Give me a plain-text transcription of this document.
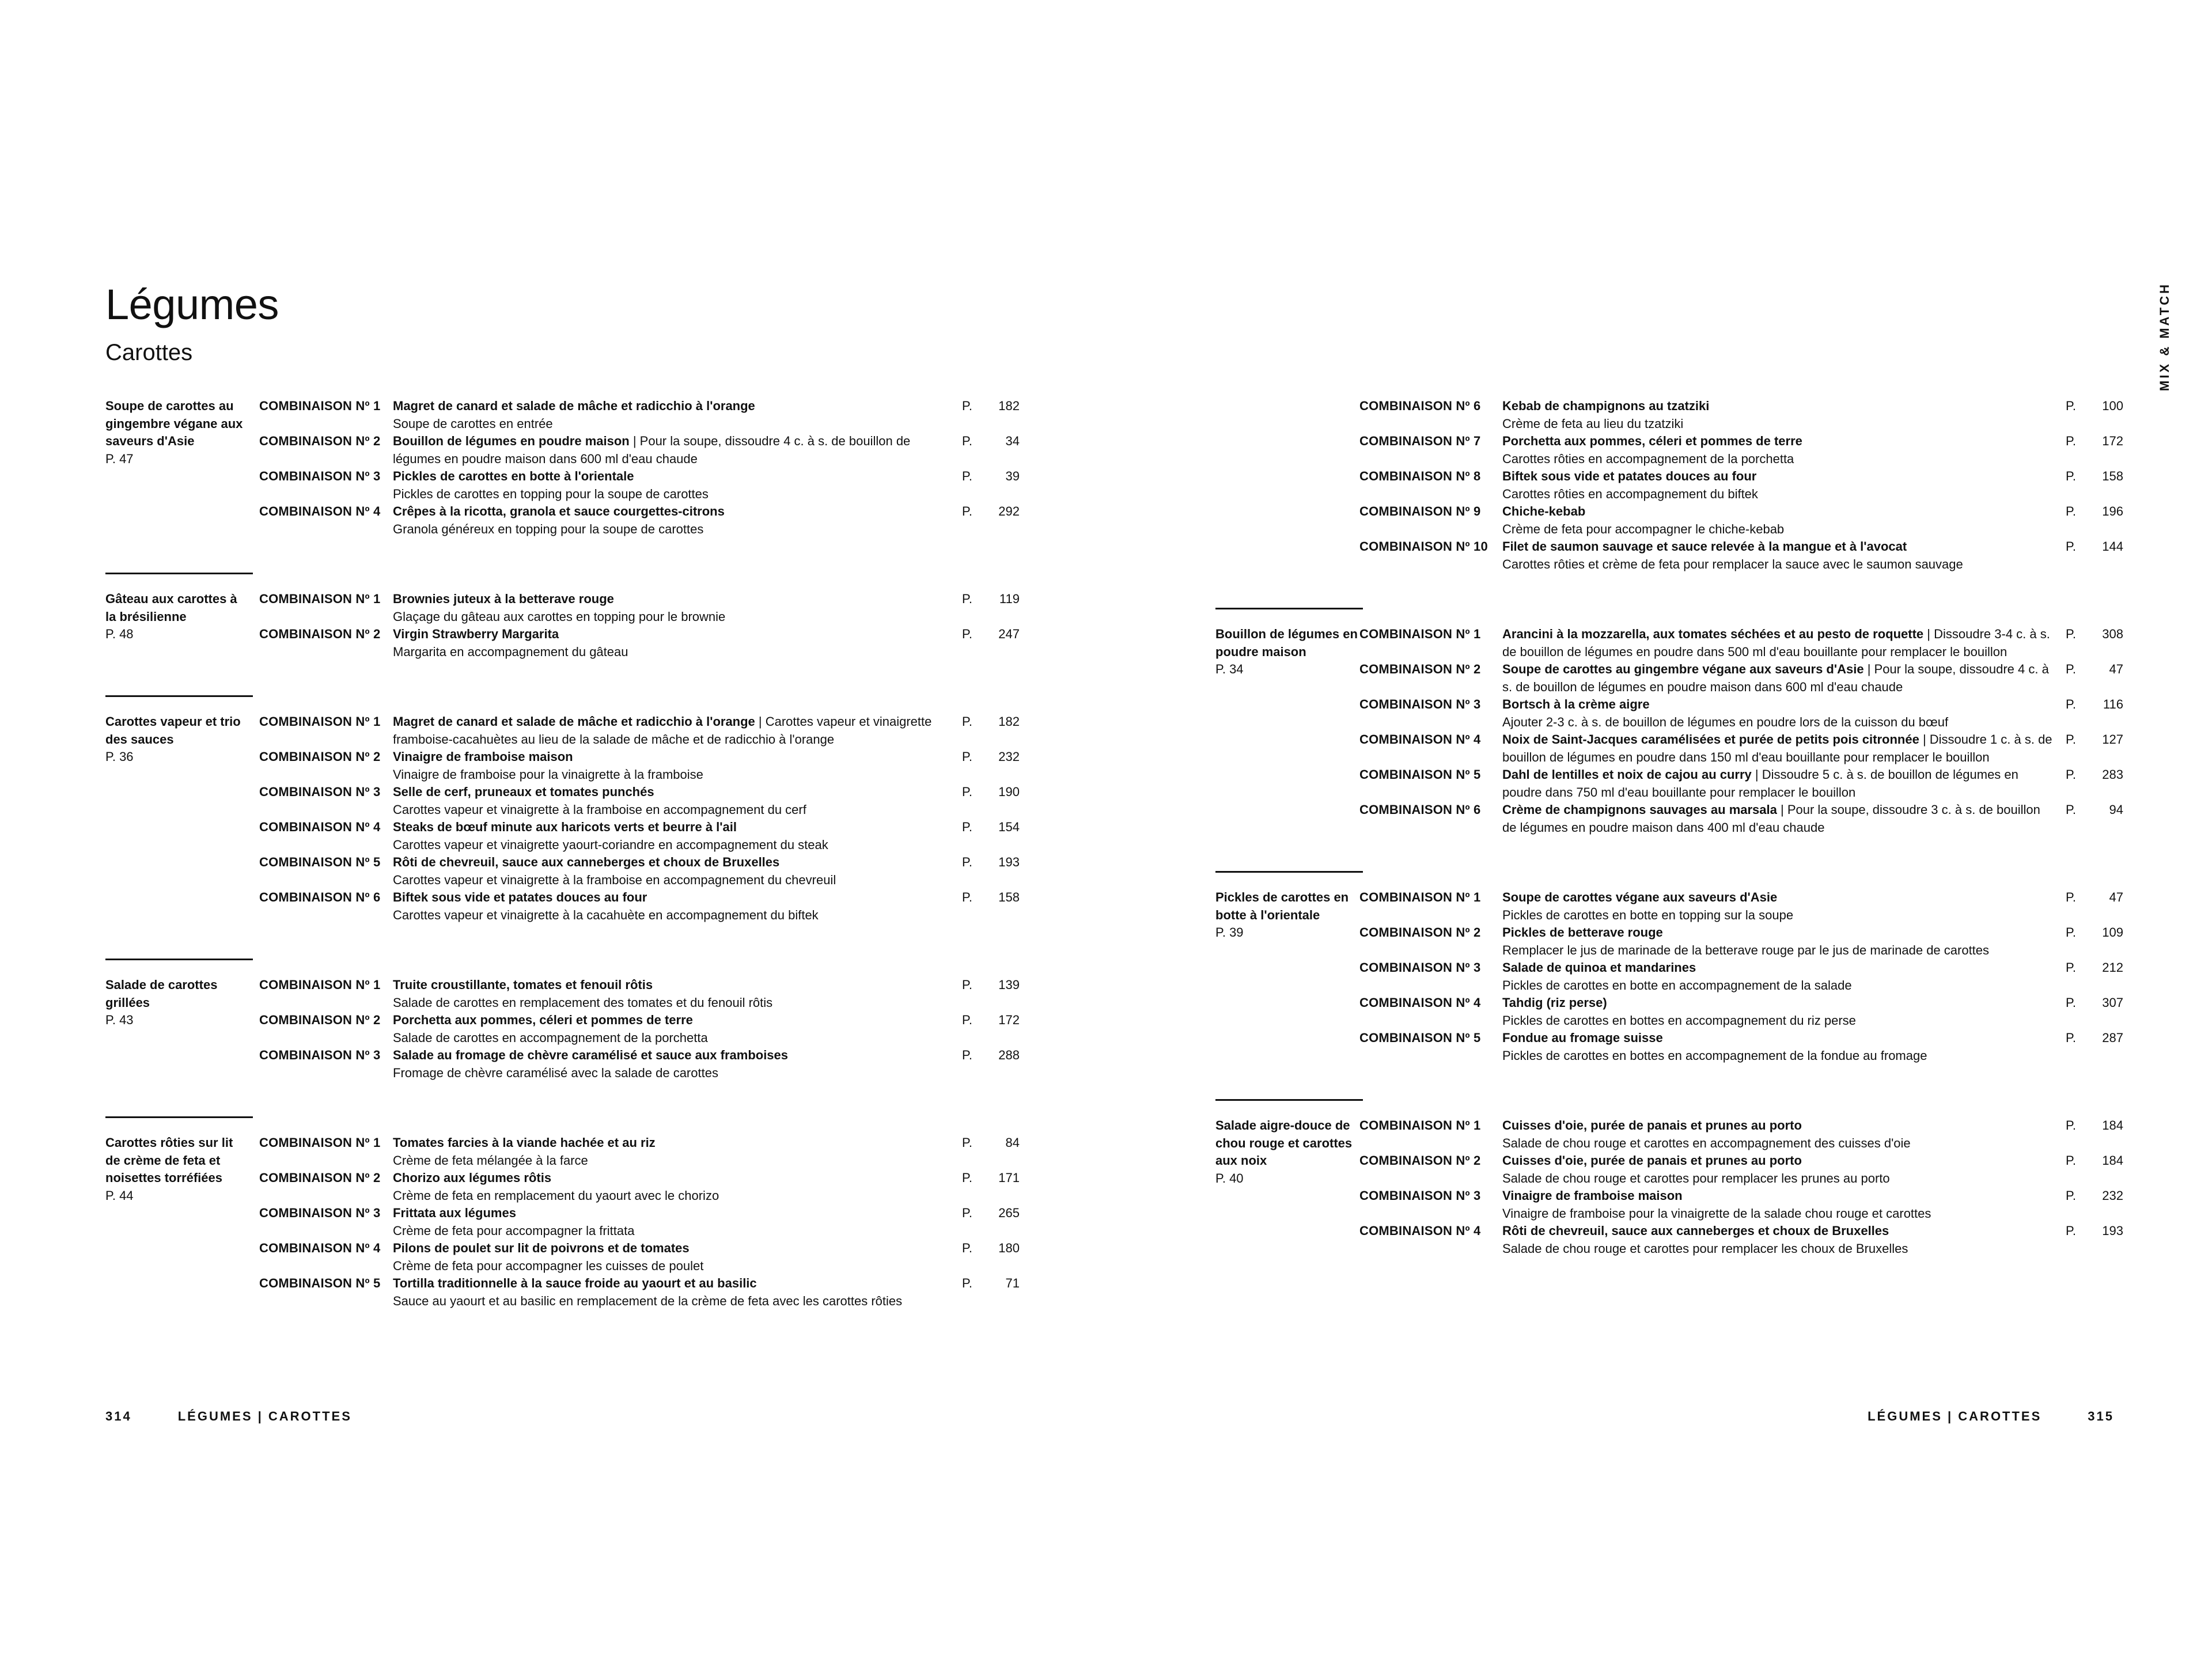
Légumes
Carottes	MIX & MATCH
Soupe de carottes au gingembre végane aux saveurs d'Asie
P. 47
COMBINAISON Nº 1 Magret de canard et salade de mâche et radicchio à l'orange
Soupe de carottes en entrée
P.	182
COMBINAISON Nº 2 Bouillon de légumes en poudre maison | Pour la soupe, dissoudre 4 c. à s. de bouillon de légumes en poudre maison dans 600 ml d'eau chaude
P.	34
COMBINAISON Nº 3 Pickles de carottes en botte à l'orientale
Pickles de carottes en topping pour la soupe de carottes
P.	39
COMBINAISON Nº 4 Crêpes à la ricotta, granola et sauce courgettes-citrons
Granola généreux en topping pour la soupe de carottes
P.	292
Gâteau aux carottes à la brésilienne
P. 48
COMBINAISON Nº 1 Brownies juteux à la betterave rouge
Glaçage du gâteau aux carottes en topping pour le brownie
P.	119
COMBINAISON Nº 2 Virgin Strawberry Margarita
Margarita en accompagnement du gâteau
P.	247
Carottes vapeur et trio des sauces
P. 36
COMBINAISON Nº 1 Magret de canard et salade de mâche et radicchio à l'orange | Carottes vapeur et vinaigrette framboise-cacahuètes au lieu de la salade de mâche et de radicchio à l'orange
P.	182
COMBINAISON Nº 2 Vinaigre de framboise maison
Vinaigre de framboise pour la vinaigrette à la framboise
P.	232
COMBINAISON Nº 3 Selle de cerf, pruneaux et tomates punchés
Carottes vapeur et vinaigrette à la framboise en accompagnement du cerf
P.	190
COMBINAISON Nº 4 Steaks de bœuf minute aux haricots verts et beurre à l'ail
Carottes vapeur et vinaigrette yaourt-coriandre en accompagnement du steak
P.	154
COMBINAISON Nº 5 Rôti de chevreuil, sauce aux canneberges et choux de Bruxelles
Carottes vapeur et vinaigrette à la framboise en accompagnement du chevreuil
P.	193
COMBINAISON Nº 6 Biftek sous vide et patates douces au four
Carottes vapeur et vinaigrette à la cacahuète en accompagnement du biftek
P.	158
Salade de carottes grillées
P. 43
COMBINAISON Nº 1 Truite croustillante, tomates et fenouil rôtis
Salade de carottes en remplacement des tomates et du fenouil rôtis
P.	139
COMBINAISON Nº 2 Porchetta aux pommes, céleri et pommes de terre
Salade de carottes en accompagnement de la porchetta
P.	172
COMBINAISON Nº 3 Salade au fromage de chèvre caramélisé et sauce aux framboises
Fromage de chèvre caramélisé avec la salade de carottes
P.	288
Carottes rôties sur lit de crème de feta et noisettes torréfiées
P. 44
COMBINAISON Nº 1 Tomates farcies à la viande hachée et au riz
Crème de feta mélangée à la farce
P.	84
COMBINAISON Nº 2 Chorizo aux légumes rôtis
Crème de feta en remplacement du yaourt avec le chorizo
P.	171
COMBINAISON Nº 3 Frittata aux légumes
Crème de feta pour accompagner la frittata
P.	265
COMBINAISON Nº 4 Pilons de poulet sur lit de poivrons et de tomates
Crème de feta pour accompagner les cuisses de poulet
P.	180
COMBINAISON Nº 5 Tortilla traditionnelle à la sauce froide au yaourt et au basilic
Sauce au yaourt et au basilic en remplacement de la crème de feta avec les carottes rôties
P.	71
COMBINAISON Nº 6	Kebab de champignons au tzatziki
Crème de feta au lieu du tzatziki
P.	100
COMBINAISON Nº 7	Porchetta aux pommes, céleri et pommes de terre
Carottes rôties en accompagnement de la porchetta
P.	172
COMBINAISON Nº 8	Biftek sous vide et patates douces au four
Carottes rôties en accompagnement du biftek
P.	158
COMBINAISON Nº 9	Chiche-kebab
Crème de feta pour accompagner le chiche-kebab
P.	196
COMBINAISON Nº 10	Filet de saumon sauvage et sauce relevée à la mangue et à l'avocat
Carottes rôties et crème de feta pour remplacer la sauce avec le saumon sauvage
P.	144
Bouillon de légumes en poudre maison
P. 34
COMBINAISON Nº 1	Arancini à la mozzarella, aux tomates séchées et au pesto de roquette | Dissoudre 3-4 c. à s. de bouillon de légumes en poudre dans 500 ml d'eau bouillante pour remplacer le bouillon
P.	308
COMBINAISON Nº 2	Soupe de carottes au gingembre végane aux saveurs d'Asie | Pour la soupe, dissoudre 4 c. à s. de bouillon de légumes en poudre maison dans 600 ml d'eau chaude
P.	47
COMBINAISON Nº 3	Bortsch à la crème aigre
Ajouter 2-3 c. à s. de bouillon de légumes en poudre lors de la cuisson du bœuf
P.	116
COMBINAISON Nº 4	Noix de Saint-Jacques caramélisées et purée de petits pois citronnée | Dissoudre 1 c. à s. de bouillon de légumes en poudre dans 150 ml d'eau bouillante pour remplacer le bouillon
P.	127
COMBINAISON Nº 5	Dahl de lentilles et noix de cajou au curry | Dissoudre 5 c. à s. de bouillon de légumes en poudre dans 750 ml d'eau bouillante pour remplacer le bouillon
P.	283
COMBINAISON Nº 6	Crème de champignons sauvages au marsala | Pour la soupe, dissoudre 3 c. à s. de bouillon de légumes en poudre maison dans 400 ml d'eau chaude
P.	94
Pickles de carottes en botte à l'orientale
P. 39
COMBINAISON Nº 1	Soupe de carottes végane aux saveurs d'Asie
Pickles de carottes en botte en topping sur la soupe
P.	47
COMBINAISON Nº 2	Pickles de betterave rouge
Remplacer le jus de marinade de la betterave rouge par le jus de marinade de carottes
P.	109
COMBINAISON Nº 3	Salade de quinoa et mandarines
Pickles de carottes en botte en accompagnement de la salade
P.	212
COMBINAISON Nº 4	Tahdig (riz perse)
Pickles de carottes en bottes en accompagnement du riz perse
P.	307
COMBINAISON Nº 5	Fondue au fromage suisse
Pickles de carottes en bottes en accompagnement de la fondue au fromage
P.	287
Salade aigre-douce de chou rouge et carottes aux noix
P. 40
COMBINAISON Nº 1	Cuisses d'oie, purée de panais et prunes au porto
Salade de chou rouge et carottes en accompagnement des cuisses d'oie
P.	184
COMBINAISON Nº 2	Cuisses d'oie, purée de panais et prunes au porto
Salade de chou rouge et carottes pour remplacer les prunes au porto
P.	184
COMBINAISON Nº 3	Vinaigre de framboise maison
Vinaigre de framboise pour la vinaigrette de la salade chou rouge et carottes
P.	232
COMBINAISON Nº 4	Rôti de chevreuil, sauce aux canneberges et choux de Bruxelles
Salade de chou rouge et carottes pour remplacer les choux de Bruxelles
P.	193
314	LÉGUMES | CAROTTES	LÉGUMES | CAROTTES	315
